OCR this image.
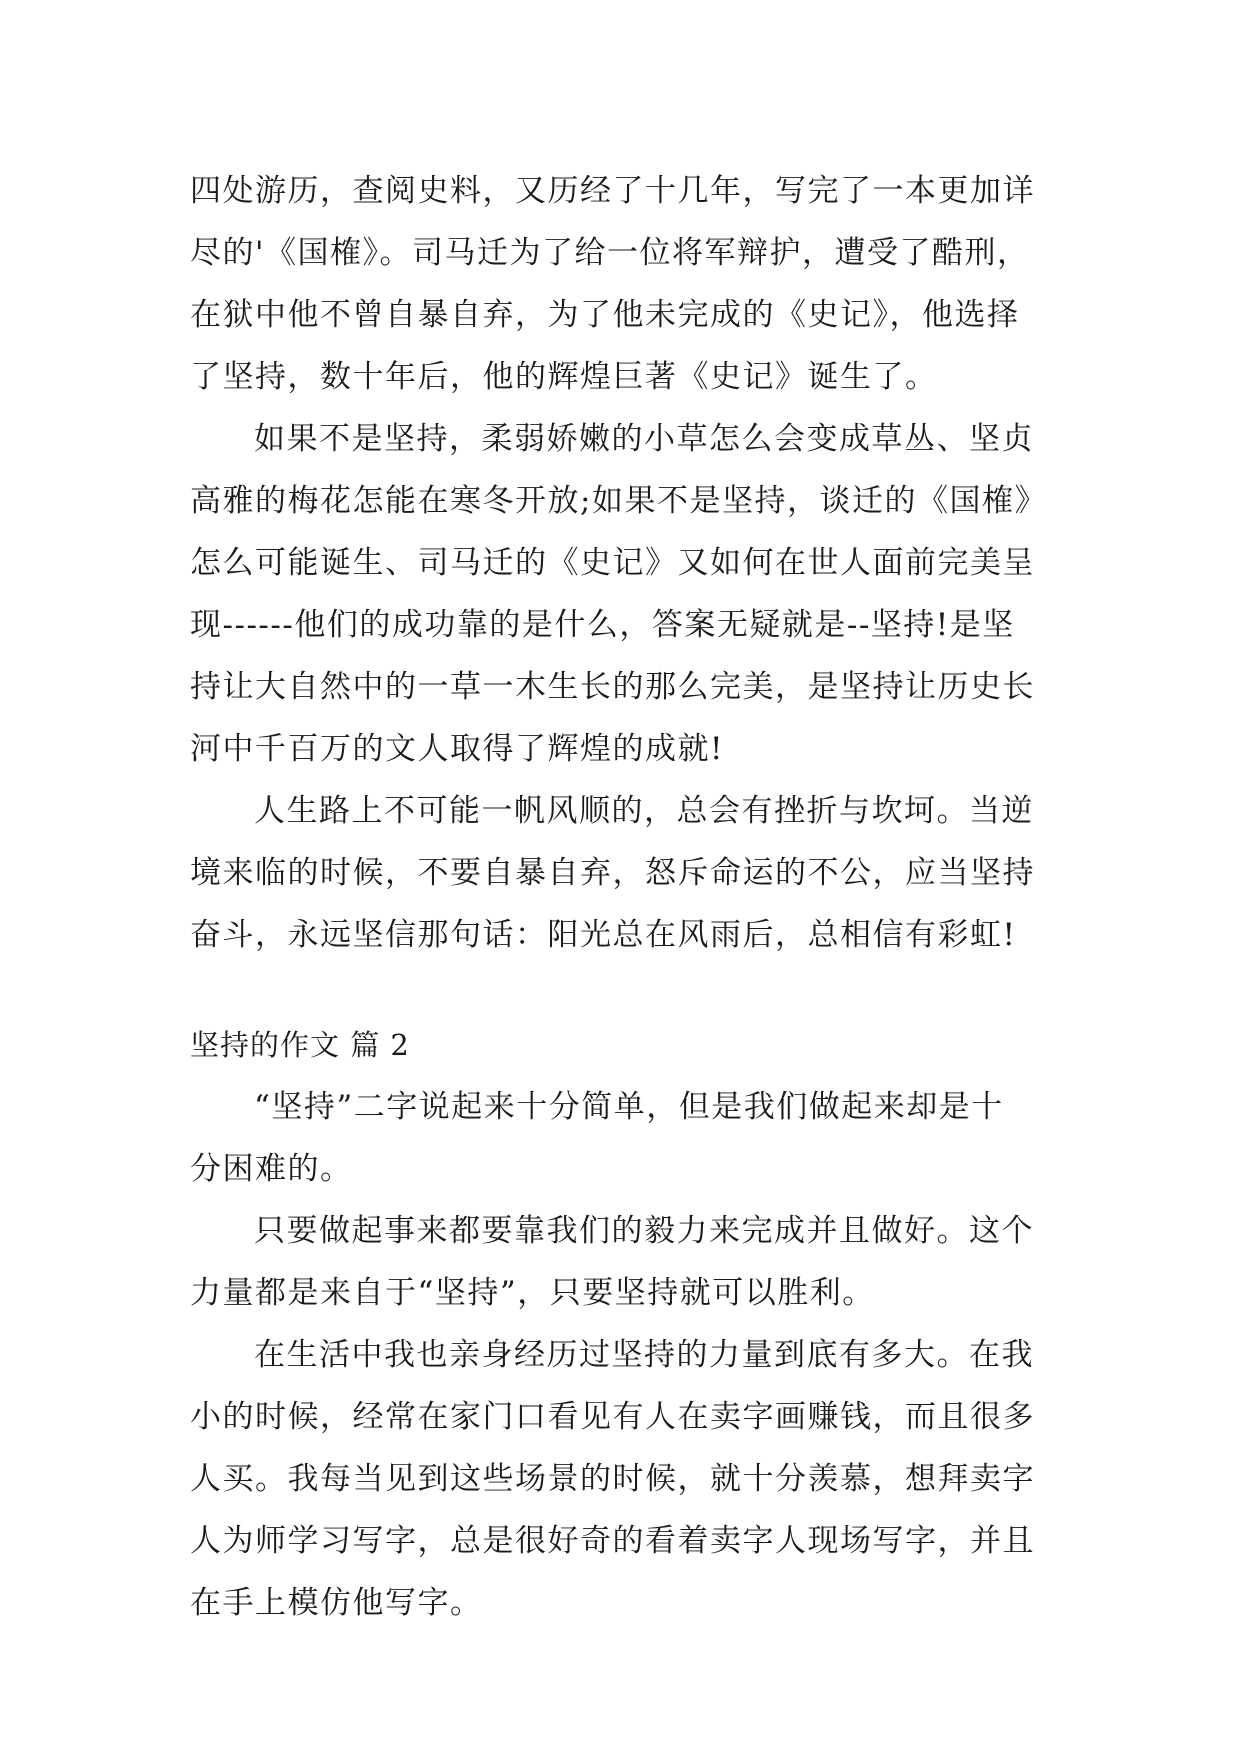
四处游历，查阅史料，又历经了十几年，写完了一本更加详
尽的'《国榷》。司马迁为了给一位将军辩护，遭受了酷刑，
在狱中他不曾自暴自弃，为了他未完成的《史记》，他选择
了坚持，数十年后，他的辉煌巨著《史记》诞生了。
如果不是坚持，柔弱娇嫩的小草怎么会变成草丛、坚贞
高雅的梅花怎能在寒冬开放;如果不是坚持，谈迁的《国榷》
怎么可能诞生、司马迁的《史记》又如何在世人面前完美呈
现------他们的成功靠的是什么，答案无疑就是--坚持!是坚
持让大自然中的一草一木生长的那么完美，是坚持让历史长
河中千百万的文人取得了辉煌的成就!
人生路上不可能一帆风顺的，总会有挫折与坎坷。当逆
境来临的时候，不要自暴自弃，怒斥命运的不公，应当坚持
奋斗，永远坚信那句话：阳光总在风雨后，总相信有彩虹!
坚持的作文 篇 2
“坚持”二字说起来十分简单，但是我们做起来却是十
分困难的。
只要做起事来都要靠我们的毅力来完成并且做好。这个
力量都是来自于“坚持”，只要坚持就可以胜利。
在生活中我也亲身经历过坚持的力量到底有多大。在我
小的时候，经常在家门口看见有人在卖字画赚钱，而且很多
人买。我每当见到这些场景的时候，就十分羡慕，想拜卖字
人为师学习写字，总是很好奇的看着卖字人现场写字，并且
在手上模仿他写字。
